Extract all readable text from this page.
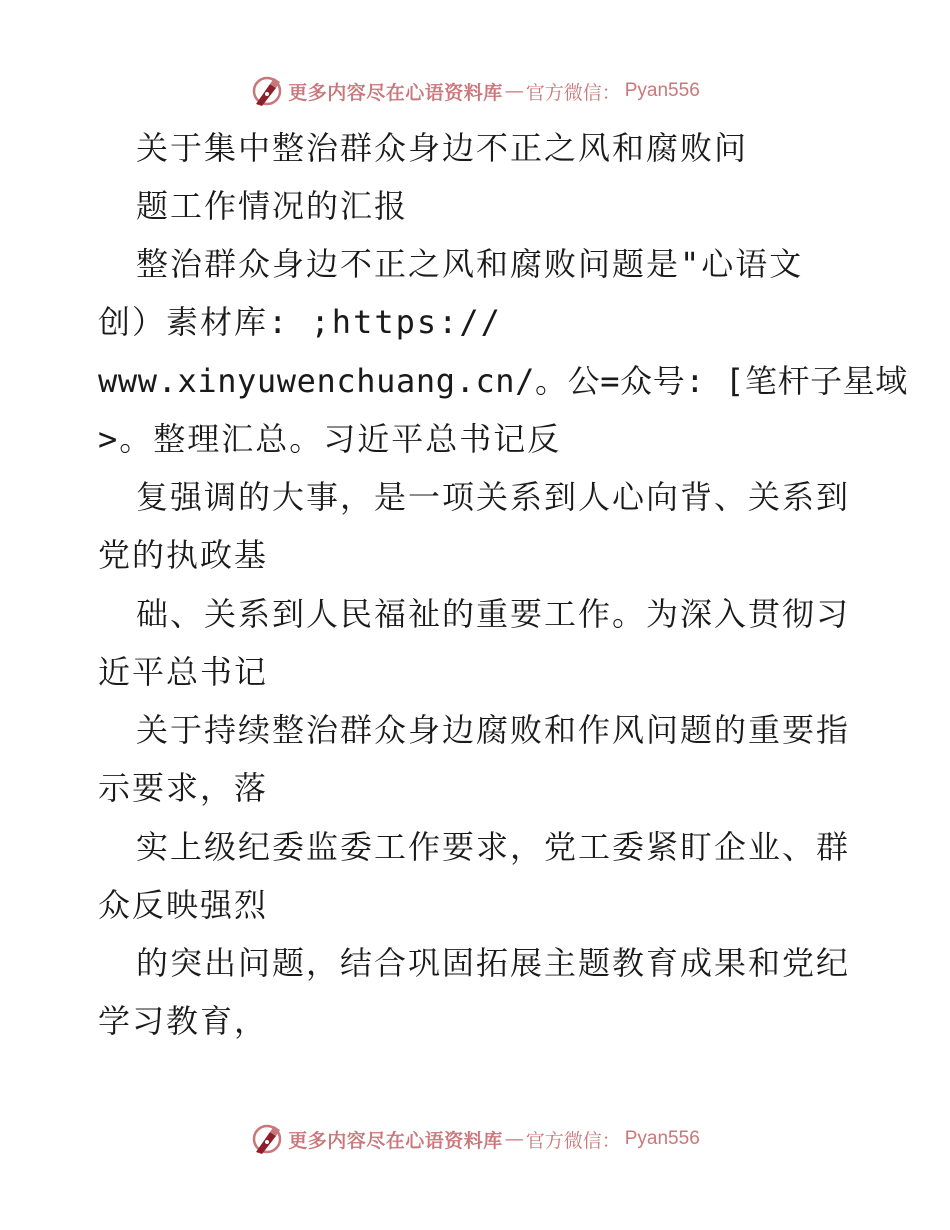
更多内容尽在心语资料库 — 官方微信： Pyan556
关于集中整治群众身边不正之风和腐败问
题工作情况的汇报
整治群众身边不正之风和腐败问题是"心语文
创）素材库: ;https://
www.xinyuwenchuang.cn/。公=众号: [笔杆子星域
>。整理汇总。习近平总书记反
复强调的大事，是一项关系到人心向背、关系到
党的执政基
础、关系到人民福祉的重要工作。为深入贯彻习
近平总书记
关于持续整治群众身边腐败和作风问题的重要指
示要求，落
实上级纪委监委工作要求，党工委紧盯企业、群
众反映强烈
的突出问题，结合巩固拓展主题教育成果和党纪
学习教育，
更多内容尽在心语资料库 — 官方微信： Pyan556
